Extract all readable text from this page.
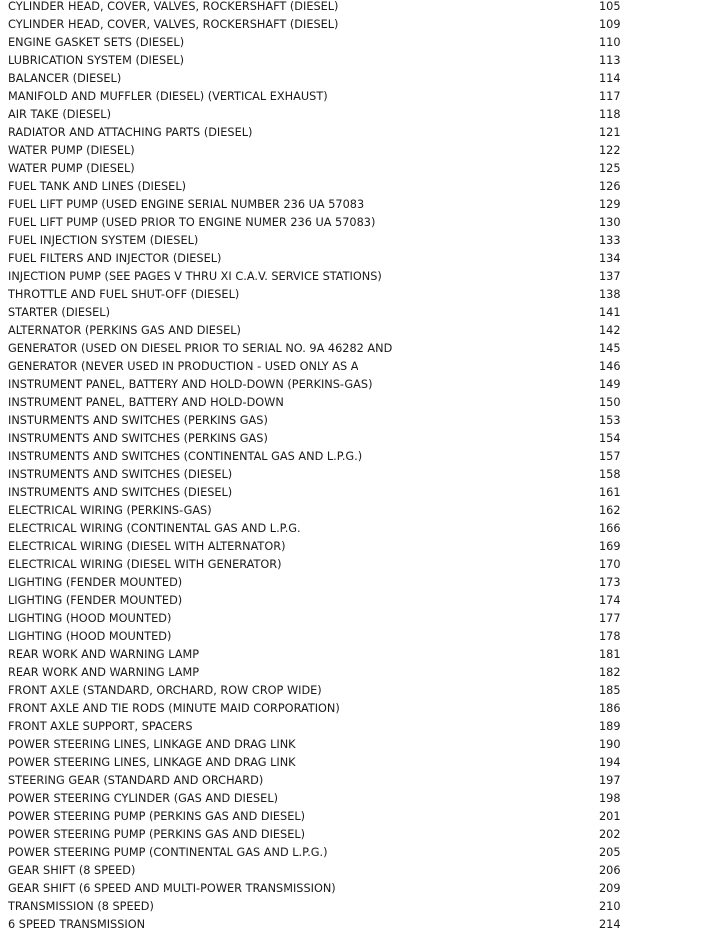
CYLINDER HEAD, COVER, VALVES, ROCKERSHAFT (DIESEL)	105
CYLINDER HEAD, COVER, VALVES, ROCKERSHAFT (DIESEL)	109
ENGINE GASKET SETS (DIESEL)	110
LUBRICATION SYSTEM (DIESEL)	113
BALANCER (DIESEL)	114
MANIFOLD AND MUFFLER (DIESEL) (VERTICAL EXHAUST)	117
AIR TAKE (DIESEL)	118
RADIATOR AND ATTACHING PARTS (DIESEL)	121
WATER PUMP (DIESEL)	122
WATER PUMP (DIESEL)	125
FUEL TANK AND LINES (DIESEL)	126
FUEL LIFT PUMP (USED ENGINE SERIAL NUMBER 236 UA 57083	129
FUEL LIFT PUMP (USED PRIOR TO ENGINE NUMER 236 UA 57083)	130
FUEL INJECTION SYSTEM (DIESEL)	133
FUEL FILTERS AND INJECTOR (DIESEL)	134
INJECTION PUMP (SEE PAGES V THRU XI C.A.V. SERVICE STATIONS)	137
THROTTLE AND FUEL SHUT-OFF (DIESEL)	138
STARTER (DIESEL)	141
ALTERNATOR (PERKINS GAS AND DIESEL)	142
GENERATOR (USED ON DIESEL PRIOR TO SERIAL NO. 9A 46282 AND	145
GENERATOR (NEVER USED IN PRODUCTION - USED ONLY AS A	146
INSTRUMENT PANEL, BATTERY AND HOLD-DOWN (PERKINS-GAS)	149
INSTRUMENT PANEL, BATTERY AND HOLD-DOWN	150
INSTURMENTS AND SWITCHES (PERKINS GAS)	153
INSTRUMENTS AND SWITCHES (PERKINS GAS)	154
INSTRUMENTS AND SWITCHES (CONTINENTAL GAS AND L.P.G.)	157
INSTRUMENTS AND SWITCHES (DIESEL)	158
INSTRUMENTS AND SWITCHES (DIESEL)	161
ELECTRICAL WIRING (PERKINS-GAS)	162
ELECTRICAL WIRING (CONTINENTAL GAS AND L.P.G.	166
ELECTRICAL WIRING (DIESEL WITH ALTERNATOR)	169
ELECTRICAL WIRING (DIESEL WITH GENERATOR)	170
LIGHTING (FENDER MOUNTED)	173
LIGHTING (FENDER MOUNTED)	174
LIGHTING (HOOD MOUNTED)	177
LIGHTING (HOOD MOUNTED)	178
REAR WORK AND WARNING LAMP	181
REAR WORK AND WARNING LAMP	182
FRONT AXLE (STANDARD, ORCHARD, ROW CROP WIDE)	185
FRONT AXLE AND TIE RODS (MINUTE MAID CORPORATION)	186
FRONT AXLE SUPPORT, SPACERS	189
POWER STEERING LINES, LINKAGE AND DRAG LINK	190
POWER STEERING LINES, LINKAGE AND DRAG LINK	194
STEERING GEAR (STANDARD AND ORCHARD)	197
POWER STEERING CYLINDER (GAS AND DIESEL)	198
POWER STEERING PUMP (PERKINS GAS AND DIESEL)	201
POWER STEERING PUMP (PERKINS GAS AND DIESEL)	202
POWER STEERING PUMP (CONTINENTAL GAS AND L.P.G.)	205
GEAR SHIFT (8 SPEED)	206
GEAR SHIFT (6 SPEED AND MULTI-POWER TRANSMISSION)	209
TRANSMISSION (8 SPEED)	210
6 SPEED TRANSMISSION	214
